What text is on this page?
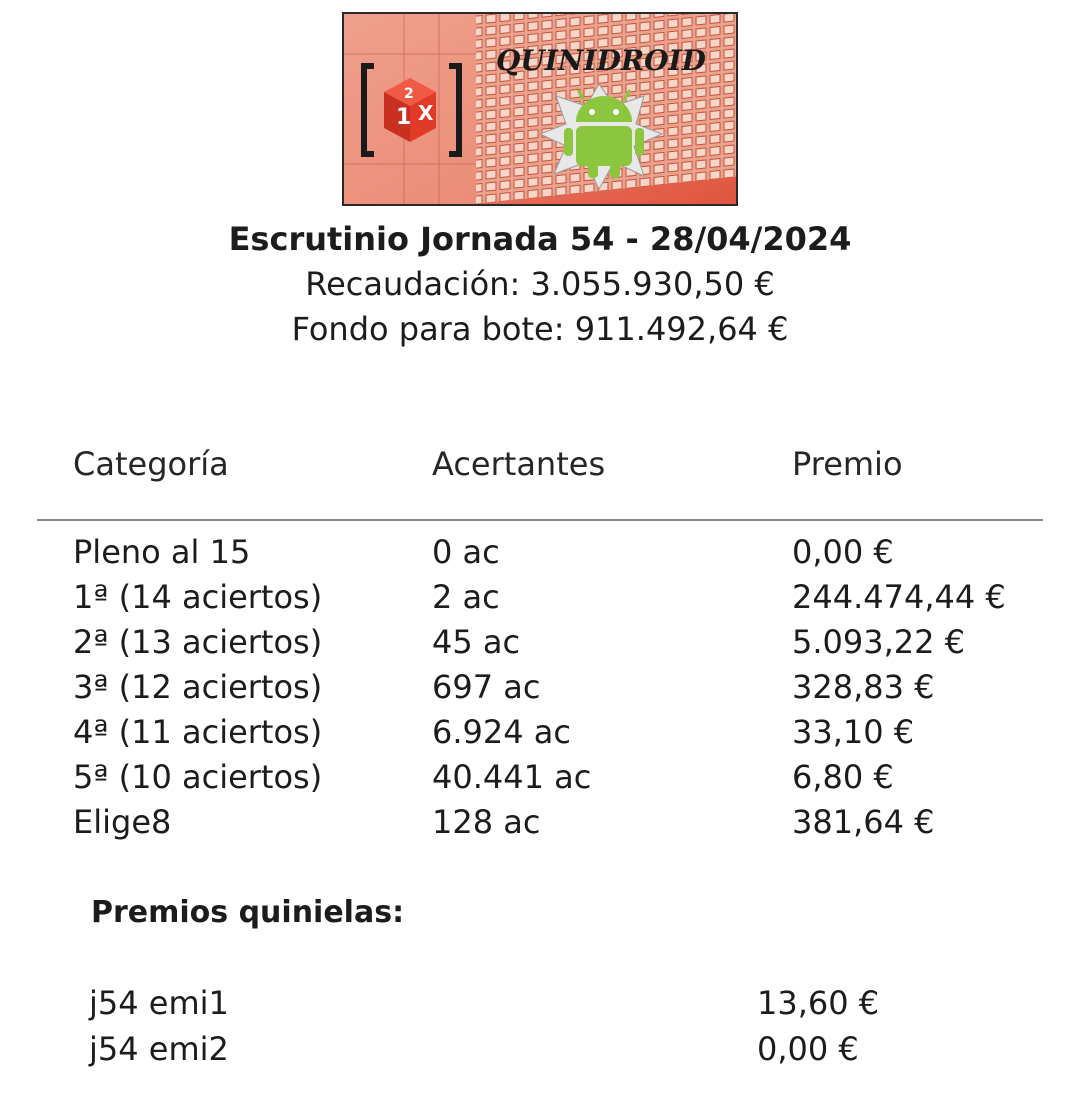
1 X
2
QUINIDROID
Escrutinio Jornada 54 - 28/04/2024
Recaudación: 3.055.930,50 €
Fondo para bote: 911.492,64 €
Categoría	Acertantes	Premio
Pleno al 15	0 ac	0,00 €
1ª (14 aciertos)	2 ac	244.474,44 €
2ª (13 aciertos)	45 ac	5.093,22 €
3ª (12 aciertos)	697 ac	328,83 €
4ª (11 aciertos)	6.924 ac	33,10 €
5ª (10 aciertos)	40.441 ac	6,80 €
Elige8	128 ac	381,64 €
Premios quinielas:
j54 emi1	13,60 €
j54 emi2	0,00 €
